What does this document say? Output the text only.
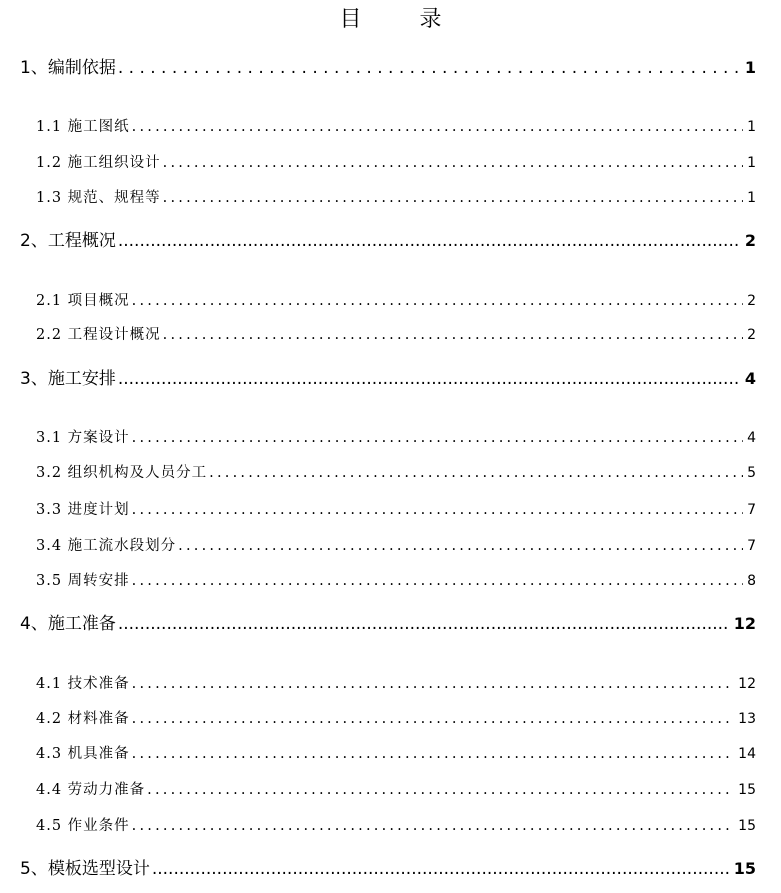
目　录
1、编制依据 . . .	1
1.1 施工图纸 .....	1
1.2 施工组织设计 .....	1
1.3 规范、规程等 .....	1
2、工程概况 .....	2
2.1 项目概况 .....	2
2.2 工程设计概况 .....	2
3、施工安排 .....	4
3.1 方案设计 .....	4
3.2 组织机构及人员分工 .....	5
3.3 进度计划 .....	7
3.4 施工流水段划分 .....	7
3.5 周转安排 .....	8
4、施工准备 .....	12
4.1 技术准备 .....	12
4.2 材料准备 .....	13
4.3 机具准备 .....	14
4.4 劳动力准备 .....	15
4.5 作业条件 .....	15
5、模板选型设计 .....	15
